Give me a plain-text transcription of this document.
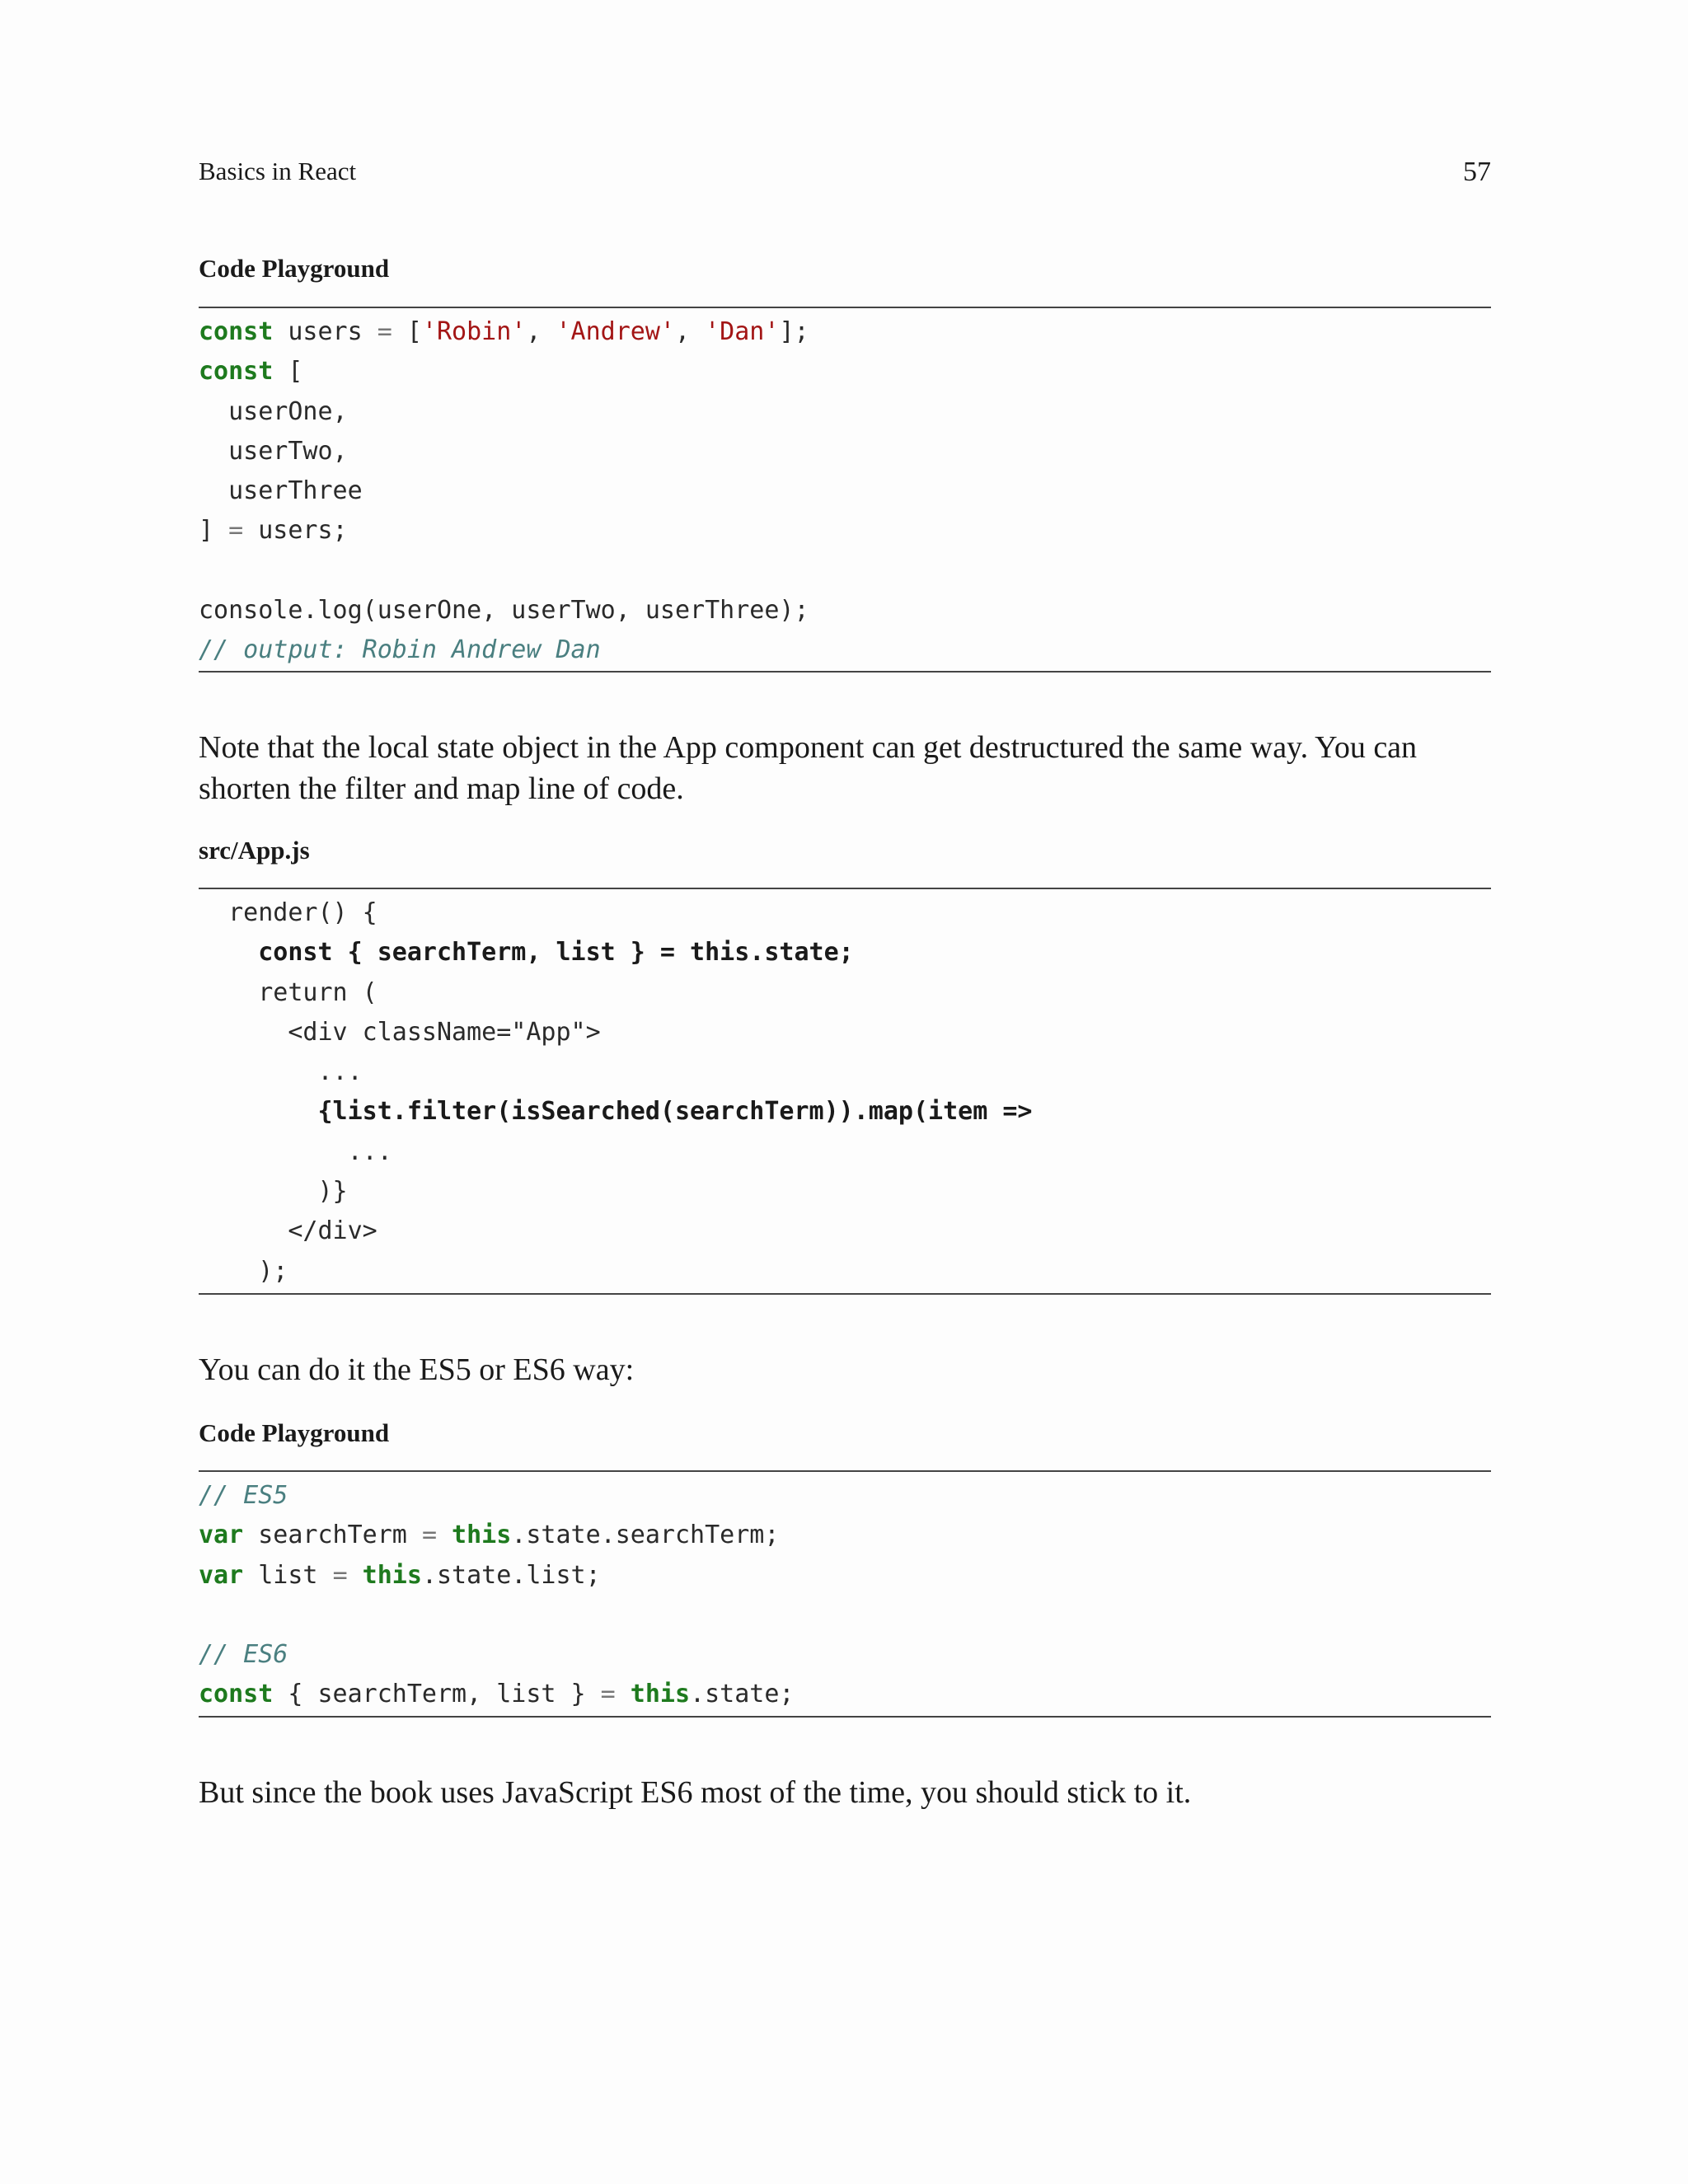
Basics in React	57
Code Playground
const users = ['Robin', 'Andrew', 'Dan'];
const [
userOne,
userTwo,
userThree
] = users;
console.log(userOne, userTwo, userThree);
// output: Robin Andrew Dan
Note that the local state object in the App component can get destructured the same way. You can shorten the filter and map line of code.
src/App.js
render() {
const { searchTerm, list } = this.state;
return (
<div className="App">
...
{list.filter(isSearched(searchTerm)).map(item =>
...
)}
</div>
);
You can do it the ES5 or ES6 way:
Code Playground
// ES5
var searchTerm = this.state.searchTerm;
var list = this.state.list;
// ES6
const { searchTerm, list } = this.state;
But since the book uses JavaScript ES6 most of the time, you should stick to it.
